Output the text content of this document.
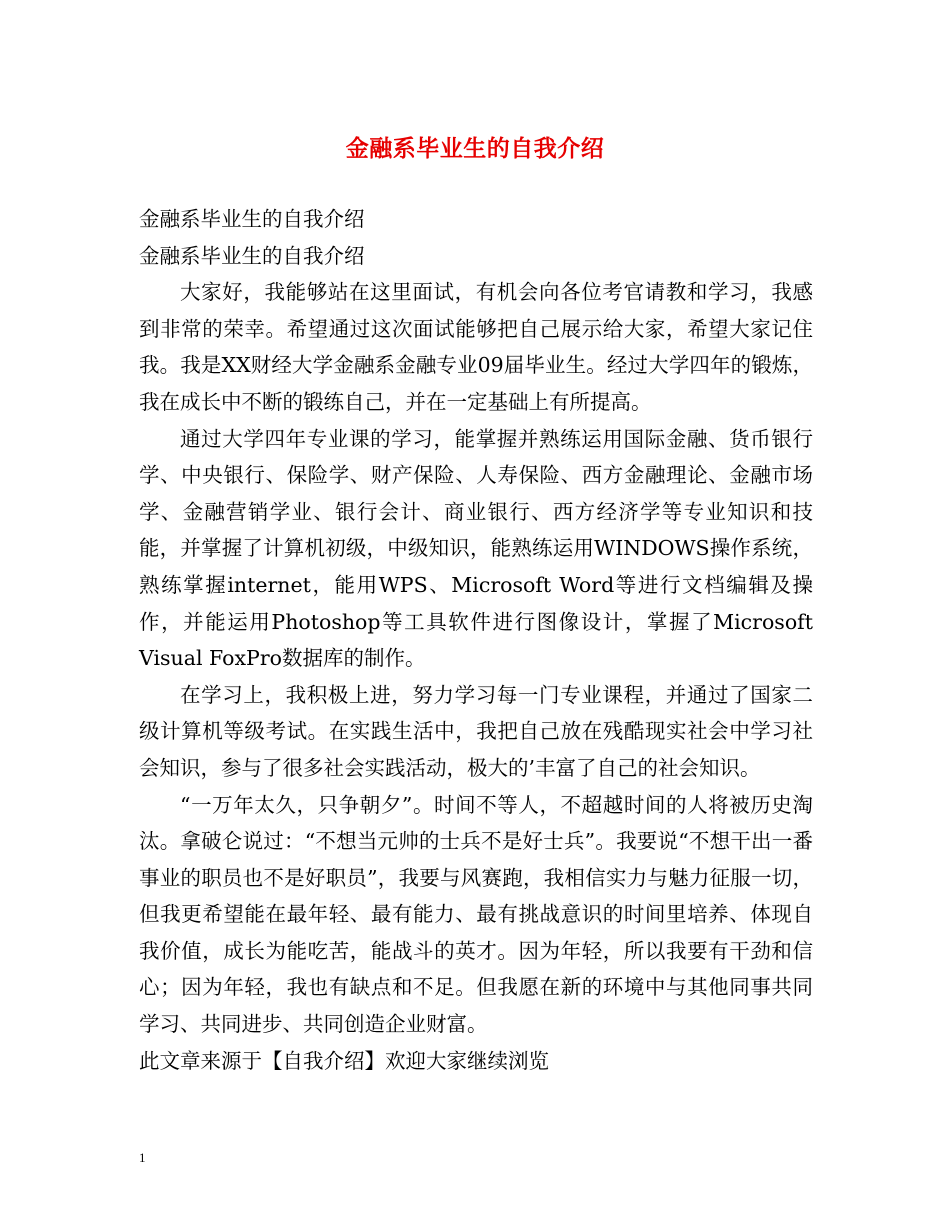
金融系毕业生的自我介绍

金融系毕业生的自我介绍

金融系毕业生的自我介绍

大家好，我能够站在这里面试，有机会向各位考官请教和学习，我感到非常的荣幸。希望通过这次面试能够把自己展示给大家，希望大家记住我。我是XX财经大学金融系金融专业09届毕业生。经过大学四年的锻炼，我在成长中不断的锻练自己，并在一定基础上有所提高。

通过大学四年专业课的学习，能掌握并熟练运用国际金融、货币银行学、中央银行、保险学、财产保险、人寿保险、西方金融理论、金融市场学、金融营销学业、银行会计、商业银行、西方经济学等专业知识和技能，并掌握了计算机初级，中级知识，能熟练运用WINDOWS操作系统，熟练掌握internet，能用WPS、Microsoft Word等进行文档编辑及操作，并能运用Photoshop等工具软件进行图像设计，掌握了Microsoft Visual FoxPro数据库的制作。

在学习上，我积极上进，努力学习每一门专业课程，并通过了国家二级计算机等级考试。在实践生活中，我把自己放在残酷现实社会中学习社会知识，参与了很多社会实践活动，极大的’丰富了自己的社会知识。

“一万年太久，只争朝夕”。时间不等人，不超越时间的人将被历史淘汰。拿破仑说过：“不想当元帅的士兵不是好士兵”。我要说“不想干出一番事业的职员也不是好职员”，我要与风赛跑，我相信实力与魅力征服一切，但我更希望能在最年轻、最有能力、最有挑战意识的时间里培养、体现自我价值，成长为能吃苦，能战斗的英才。因为年轻，所以我要有干劲和信心；因为年轻，我也有缺点和不足。但我愿在新的环境中与其他同事共同学习、共同进步、共同创造企业财富。

此文章来源于【自我介绍】欢迎大家继续浏览

1
